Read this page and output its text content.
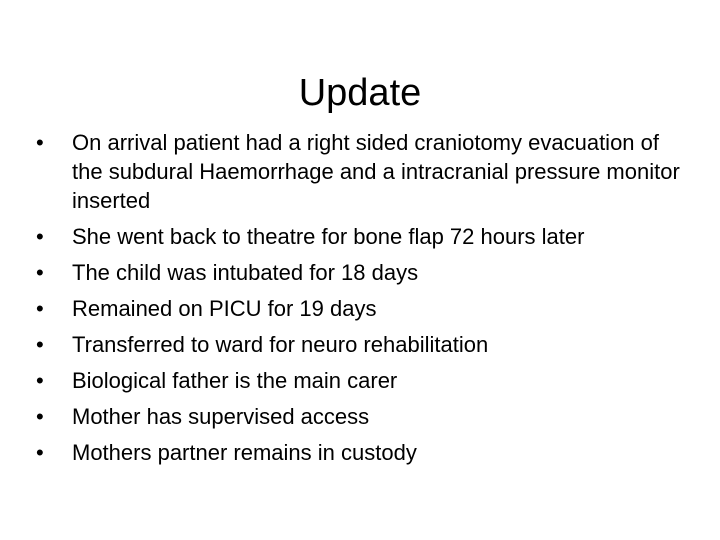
Update
•	On arrival patient had a right sided craniotomy evacuation of the subdural Haemorrhage and a intracranial pressure monitor inserted
•	She went back to theatre for bone flap 72 hours later
•	The child was intubated for 18 days
•	Remained on PICU for 19 days
•	Transferred to ward for neuro rehabilitation
•	Biological father is the main carer
•	Mother has supervised access
•	Mothers partner remains in custody
